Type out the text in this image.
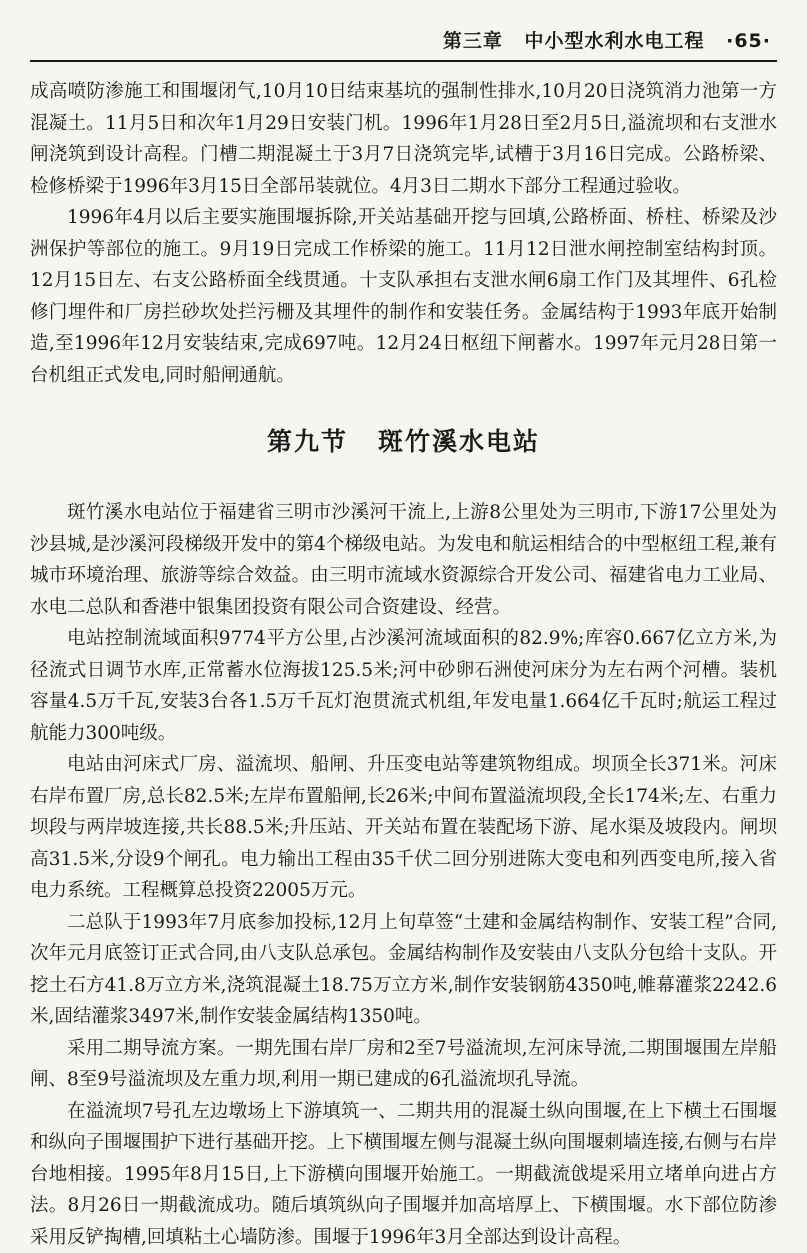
第三章 中小型水利水电工程 ·65·

成高喷防渗施工和围堰闭气,10月10日结束基坑的强制性排水,10月20日浇筑消力池第一方混凝土。11月5日和次年1月29日安装门机。1996年1月28日至2月5日,溢流坝和右支泄水闸浇筑到设计高程。门槽二期混凝土于3月7日浇筑完毕,试槽于3月16日完成。公路桥梁、检修桥梁于1996年3月15日全部吊装就位。4月3日二期水下部分工程通过验收。

1996年4月以后主要实施围堰拆除,开关站基础开挖与回填,公路桥面、桥柱、桥梁及沙洲保护等部位的施工。9月19日完成工作桥梁的施工。11月12日泄水闸控制室结构封顶。12月15日左、右支公路桥面全线贯通。十支队承担右支泄水闸6扇工作门及其埋件、6孔检修门埋件和厂房拦砂坎处拦污栅及其埋件的制作和安装任务。金属结构于1993年底开始制造,至1996年12月安装结束,完成697吨。12月24日枢纽下闸蓄水。1997年元月28日第一台机组正式发电,同时船闸通航。

第九节 斑竹溪水电站

斑竹溪水电站位于福建省三明市沙溪河干流上,上游8公里处为三明市,下游17公里处为沙县城,是沙溪河段梯级开发中的第4个梯级电站。为发电和航运相结合的中型枢纽工程,兼有城市环境治理、旅游等综合效益。由三明市流域水资源综合开发公司、福建省电力工业局、水电二总队和香港中银集团投资有限公司合资建设、经营。

电站控制流域面积9774平方公里,占沙溪河流域面积的82.9%;库容0.667亿立方米,为径流式日调节水库,正常蓄水位海拔125.5米;河中砂卵石洲使河床分为左右两个河槽。装机容量4.5万千瓦,安装3台各1.5万千瓦灯泡贯流式机组,年发电量1.664亿千瓦时;航运工程过航能力300吨级。

电站由河床式厂房、溢流坝、船闸、升压变电站等建筑物组成。坝顶全长371米。河床右岸布置厂房,总长82.5米;左岸布置船闸,长26米;中间布置溢流坝段,全长174米;左、右重力坝段与两岸坡连接,共长88.5米;升压站、开关站布置在装配场下游、尾水渠及坡段内。闸坝高31.5米,分设9个闸孔。电力输出工程由35千伏二回分别进陈大变电和列西变电所,接入省电力系统。工程概算总投资22005万元。

二总队于1993年7月底参加投标,12月上旬草签“土建和金属结构制作、安装工程”合同,次年元月底签订正式合同,由八支队总承包。金属结构制作及安装由八支队分包给十支队。开挖土石方41.8万立方米,浇筑混凝土18.75万立方米,制作安装钢筋4350吨,帷幕灌浆2242.6米,固结灌浆3497米,制作安装金属结构1350吨。

采用二期导流方案。一期先围右岸厂房和2至7号溢流坝,左河床导流,二期围堰围左岸船闸、8至9号溢流坝及左重力坝,利用一期已建成的6孔溢流坝孔导流。

在溢流坝7号孔左边墩场上下游填筑一、二期共用的混凝土纵向围堰,在上下横土石围堰和纵向子围堰围护下进行基础开挖。上下横围堰左侧与混凝土纵向围堰刺墙连接,右侧与右岸台地相接。1995年8月15日,上下游横向围堰开始施工。一期截流戗堤采用立堵单向进占方法。8月26日一期截流成功。随后填筑纵向子围堰并加高培厚上、下横围堰。水下部位防渗采用反铲掏槽,回填粘土心墙防渗。围堰于1996年3月全部达到设计高程。
